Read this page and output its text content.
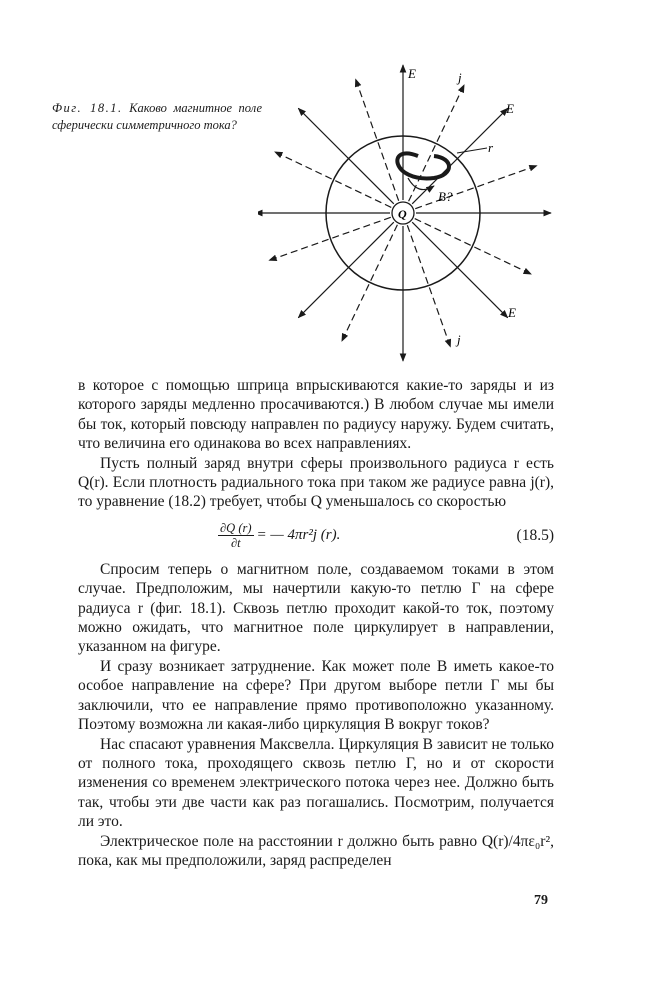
Фиг. 18.1. Каково магнитное поле сферически симметричного тока?
E	j
E
r
B?
Q
E
j

в которое с помощью шприца впрыскиваются какие-то заряды и из которого заряды медленно просачиваются.) В любом случае мы имели бы ток, который повсюду направлен по радиусу наружу. Будем считать, что величина его одинакова во всех направлениях.

Пусть полный заряд внутри сферы произвольного радиуса r есть Q(r). Если плотность радиального тока при таком же радиусе равна j(r), то уравнение (18.2) требует, чтобы Q уменьшалось со скоростью

$\frac{\partial Q (r)}{\partial t}$ = — 4πr²j (r).	(18.5)

Спросим теперь о магнитном поле, создаваемом токами в этом случае. Предположим, мы начертили какую-то петлю Γ на сфере радиуса r (фиг. 18.1). Сквозь петлю проходит какой-то ток, поэтому можно ожидать, что магнитное поле циркулирует в направлении, указанном на фигуре.

И сразу возникает затруднение. Как может поле B иметь какое-то особое направление на сфере? При другом выборе петли Γ мы бы заключили, что ее направление прямо противоположно указанному. Поэтому возможна ли какая-либо циркуляция B вокруг токов?

Нас спасают уравнения Максвелла. Циркуляция B зависит не только от полного тока, проходящего сквозь петлю Γ, но и от скорости изменения со временем электрического потока через нее. Должно быть так, чтобы эти две части как раз погашались. Посмотрим, получается ли это.

Электрическое поле на расстоянии r должно быть равно Q(r)/4πε₀r², пока, как мы предположили, заряд распределен

79
